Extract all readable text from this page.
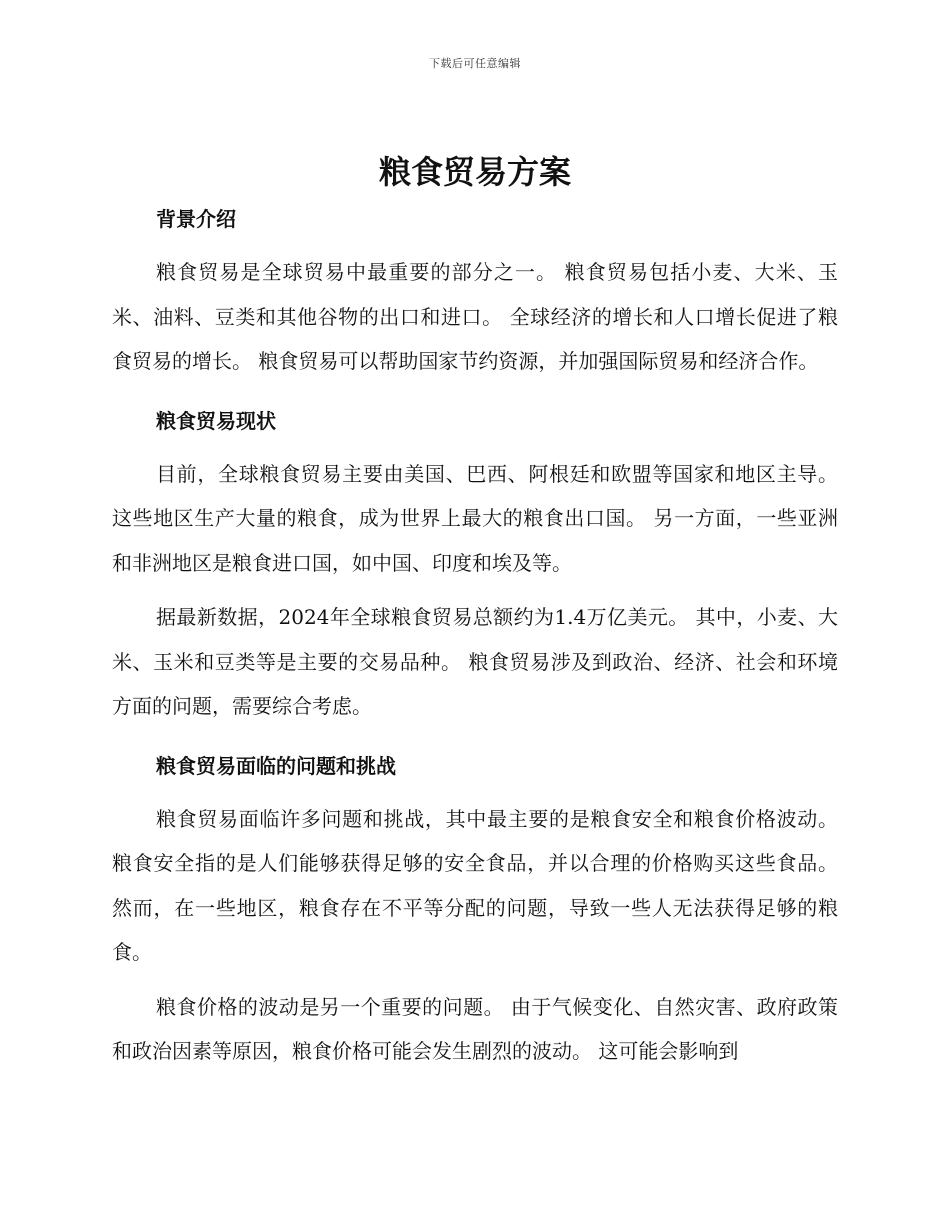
下载后可任意编辑
粮食贸易方案
背景介绍

粮食贸易是全球贸易中最重要的部分之一。 粮食贸易包括小麦、大米、玉米、油料、豆类和其他谷物的出口和进口。 全球经济的增长和人口增长促进了粮食贸易的增长。 粮食贸易可以帮助国家节约资源，并加强国际贸易和经济合作。

粮食贸易现状

目前，全球粮食贸易主要由美国、巴西、阿根廷和欧盟等国家和地区主导。 这些地区生产大量的粮食，成为世界上最大的粮食出口国。 另一方面，一些亚洲和非洲地区是粮食进口国，如中国、印度和埃及等。

据最新数据，2024年全球粮食贸易总额约为1.4万亿美元。 其中，小麦、大米、玉米和豆类等是主要的交易品种。 粮食贸易涉及到政治、经济、社会和环境方面的问题，需要综合考虑。

粮食贸易面临的问题和挑战

粮食贸易面临许多问题和挑战，其中最主要的是粮食安全和粮食价格波动。 粮食安全指的是人们能够获得足够的安全食品，并以合理的价格购买这些食品。 然而，在一些地区，粮食存在不平等分配的问题，导致一些人无法获得足够的粮食。

粮食价格的波动是另一个重要的问题。 由于气候变化、自然灾害、政府政策和政治因素等原因，粮食价格可能会发生剧烈的波动。 这可能会影响到
